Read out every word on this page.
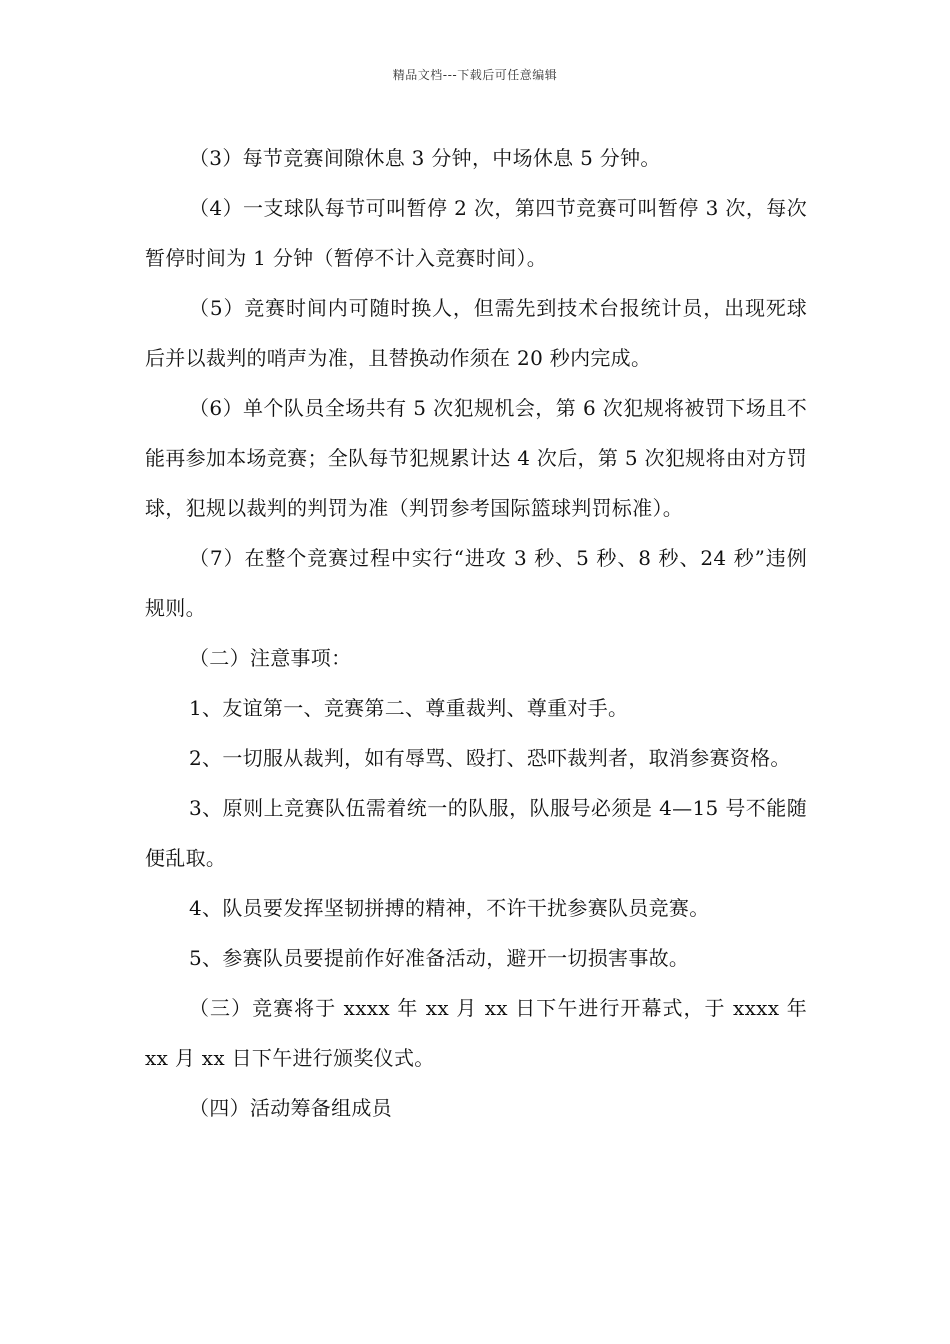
精品文档---下载后可任意编辑

（3）每节竞赛间隙休息 3 分钟，中场休息 5 分钟。

（4）一支球队每节可叫暂停 2 次，第四节竞赛可叫暂停 3 次，每次暂停时间为 1 分钟（暂停不计入竞赛时间）。

（5）竞赛时间内可随时换人，但需先到技术台报统计员，出现死球后并以裁判的哨声为准，且替换动作须在 20 秒内完成。

（6）单个队员全场共有 5 次犯规机会，第 6 次犯规将被罚下场且不能再参加本场竞赛；全队每节犯规累计达 4 次后，第 5 次犯规将由对方罚球，犯规以裁判的判罚为准（判罚参考国际篮球判罚标准）。

（7）在整个竞赛过程中实行“进攻 3 秒、5 秒、8 秒、24 秒”违例规则。

（二）注意事项：

1、友谊第一、竞赛第二、尊重裁判、尊重对手。

2、一切服从裁判，如有辱骂、殴打、恐吓裁判者，取消参赛资格。

3、原则上竞赛队伍需着统一的队服，队服号必须是 4—15 号不能随便乱取。

4、队员要发挥坚韧拼搏的精神，不许干扰参赛队员竞赛。

5、参赛队员要提前作好准备活动，避开一切损害事故。

（三）竞赛将于 xxxx 年 xx 月 xx 日下午进行开幕式，于 xxxx 年 xx 月 xx 日下午进行颁奖仪式。

（四）活动筹备组成员
